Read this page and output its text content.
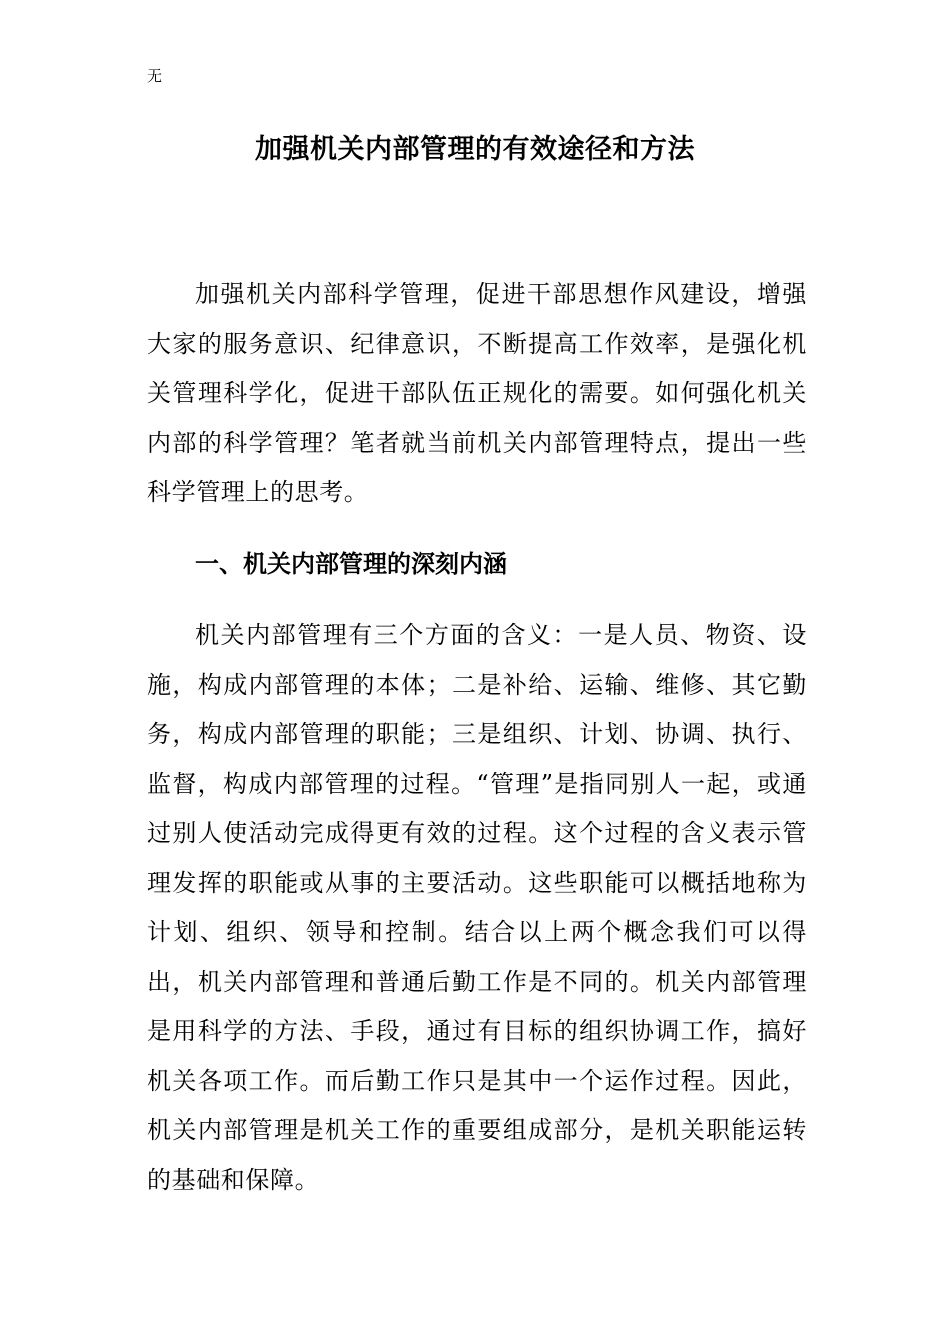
无
加强机关内部管理的有效途径和方法

加强机关内部科学管理，促进干部思想作风建设，增强大家的服务意识、纪律意识，不断提高工作效率，是强化机关管理科学化，促进干部队伍正规化的需要。如何强化机关内部的科学管理？笔者就当前机关内部管理特点，提出一些科学管理上的思考。

一、机关内部管理的深刻内涵

机关内部管理有三个方面的含义：一是人员、物资、设施，构成内部管理的本体；二是补给、运输、维修、其它勤务，构成内部管理的职能；三是组织、计划、协调、执行、监督，构成内部管理的过程。“管理”是指同别人一起，或通过别人使活动完成得更有效的过程。这个过程的含义表示管理发挥的职能或从事的主要活动。这些职能可以概括地称为计划、组织、领导和控制。结合以上两个概念我们可以得出，机关内部管理和普通后勤工作是不同的。机关内部管理是用科学的方法、手段，通过有目标的组织协调工作，搞好机关各项工作。而后勤工作只是其中一个运作过程。因此，机关内部管理是机关工作的重要组成部分，是机关职能运转的基础和保障。
